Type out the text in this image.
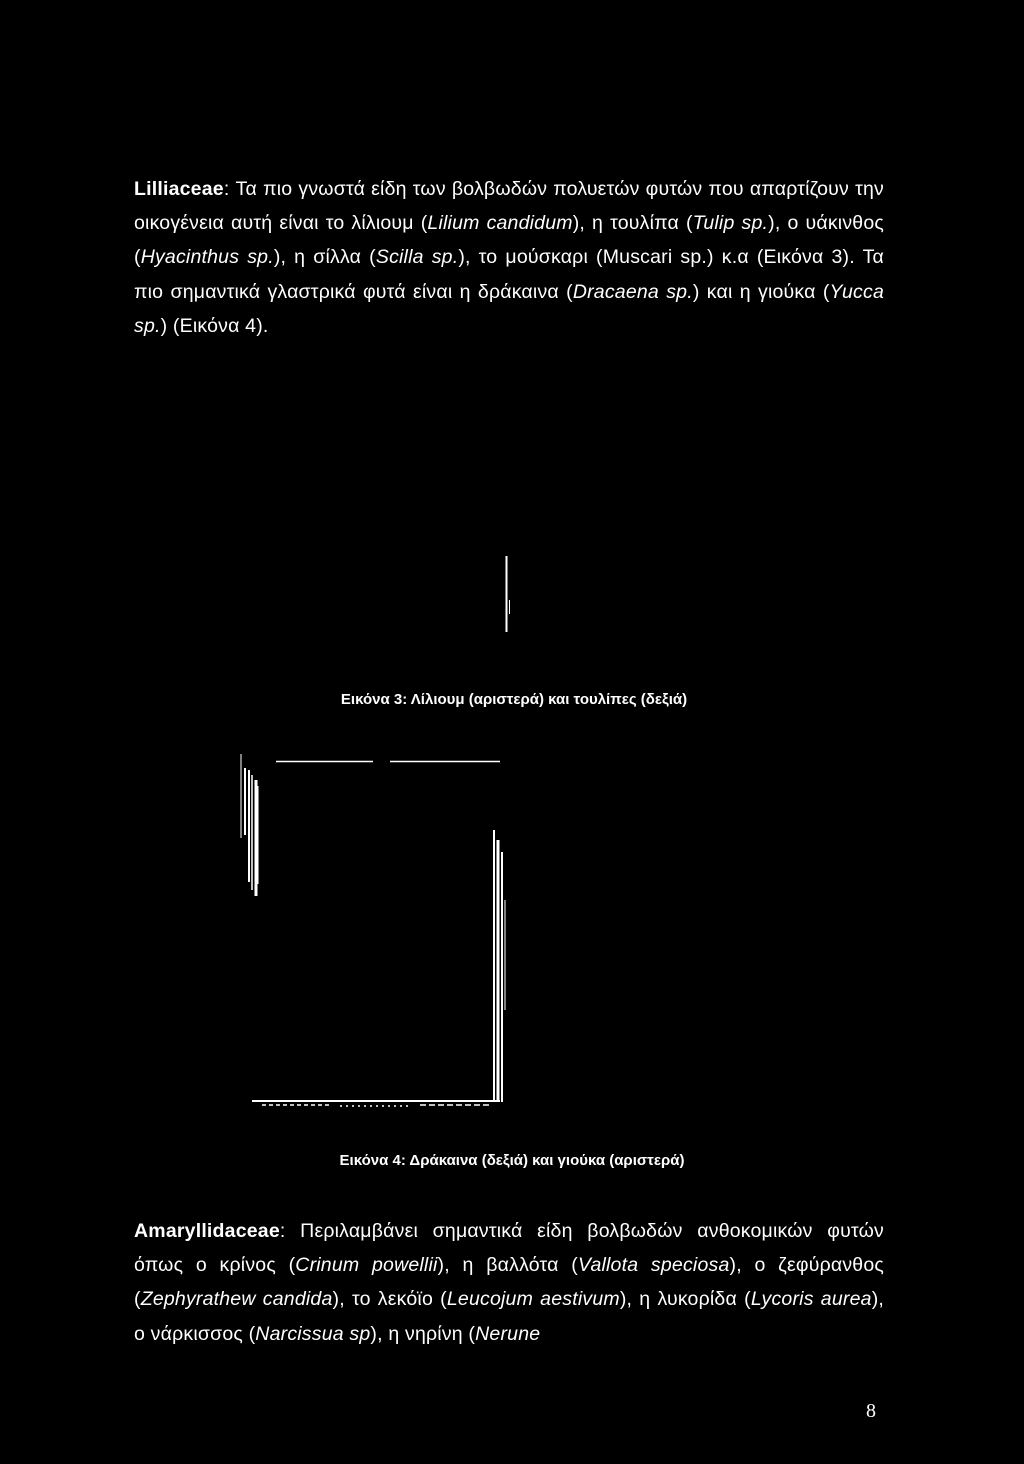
Lilliaceae: Τα πιο γνωστά είδη των βολβωδών πολυετών φυτών που απαρτίζουν την οικογένεια αυτή είναι το λίλιουμ (Lilium candidum), η τουλίπα (Tulip sp.), ο υάκινθος (Hyacinthus sp.), η σίλλα (Scilla sp.), το μούσκαρι (Muscari sp.) κ.α (Εικόνα 3). Τα πιο σημαντικά γλαστρικά φυτά είναι η δράκαινα (Dracaena sp.) και η γιούκα (Yucca sp.) (Εικόνα 4).

Εικόνα 3: Λίλιουμ (αριστερά) και τουλίπες (δεξιά)
Εικόνα 4: Δράκαινα (δεξιά) και γιούκα (αριστερά)

Amaryllidaceae: Περιλαμβάνει σημαντικά είδη βολβωδών ανθοκομικών φυτών όπως ο κρίνος (Crinum powellii), η βαλλότα (Vallota speciosa), ο ζεφύρανθος (Zephyrathew candida), το λεκόϊο (Leucojum aestivum), η λυκορίδα (Lycoris aurea), ο νάρκισσος (Narcissua sp), η νηρίνη (Nerune

8
